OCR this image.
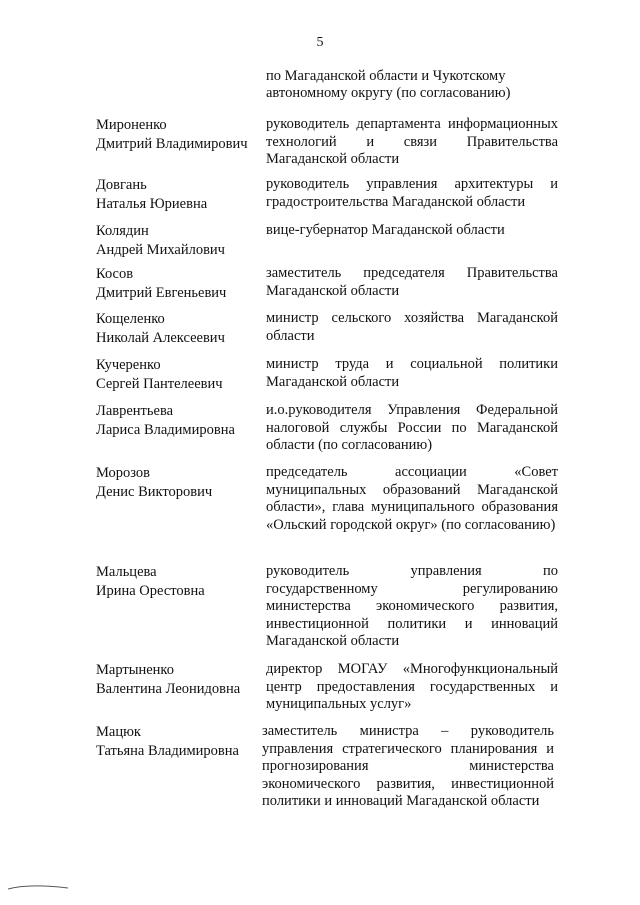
5
по Магаданской области и Чукотскому автономному округу (по согласованию)
Мироненко
Дмитрий Владимирович
руководитель департамента информационных технологий и связи Правительства Магаданской области
Довгань
Наталья Юриевна
руководитель управления архитектуры и градостроительства Магаданской области
Колядин
Андрей Михайлович
вице-губернатор Магаданской области
Косов
Дмитрий Евгеньевич
заместитель председателя Правительства Магаданской области
Кощеленко
Николай Алексеевич
министр сельского хозяйства Магаданской области
Кучеренко
Сергей Пантелеевич
министр труда и социальной политики Магаданской области
Лаврентьева
Лариса Владимировна
и.о.руководителя Управления Федеральной налоговой службы России по Магаданской области (по согласованию)
Морозов
Денис Викторович
председатель ассоциации «Совет муниципальных образований Магаданской области», глава муниципального образования «Ольский городской округ» (по согласованию)
Мальцева
Ирина Орестовна
руководитель управления по государственному регулированию министерства экономического развития, инвестиционной политики и инноваций Магаданской области
Мартыненко
Валентина Леонидовна
директор МОГАУ «Многофункциональный центр предоставления государственных и муниципальных услуг»
Мацюк
Татьяна Владимировна
заместитель министра – руководитель управления стратегического планирования и прогнозирования министерства экономического развития, инвестиционной политики и инноваций Магаданской области
